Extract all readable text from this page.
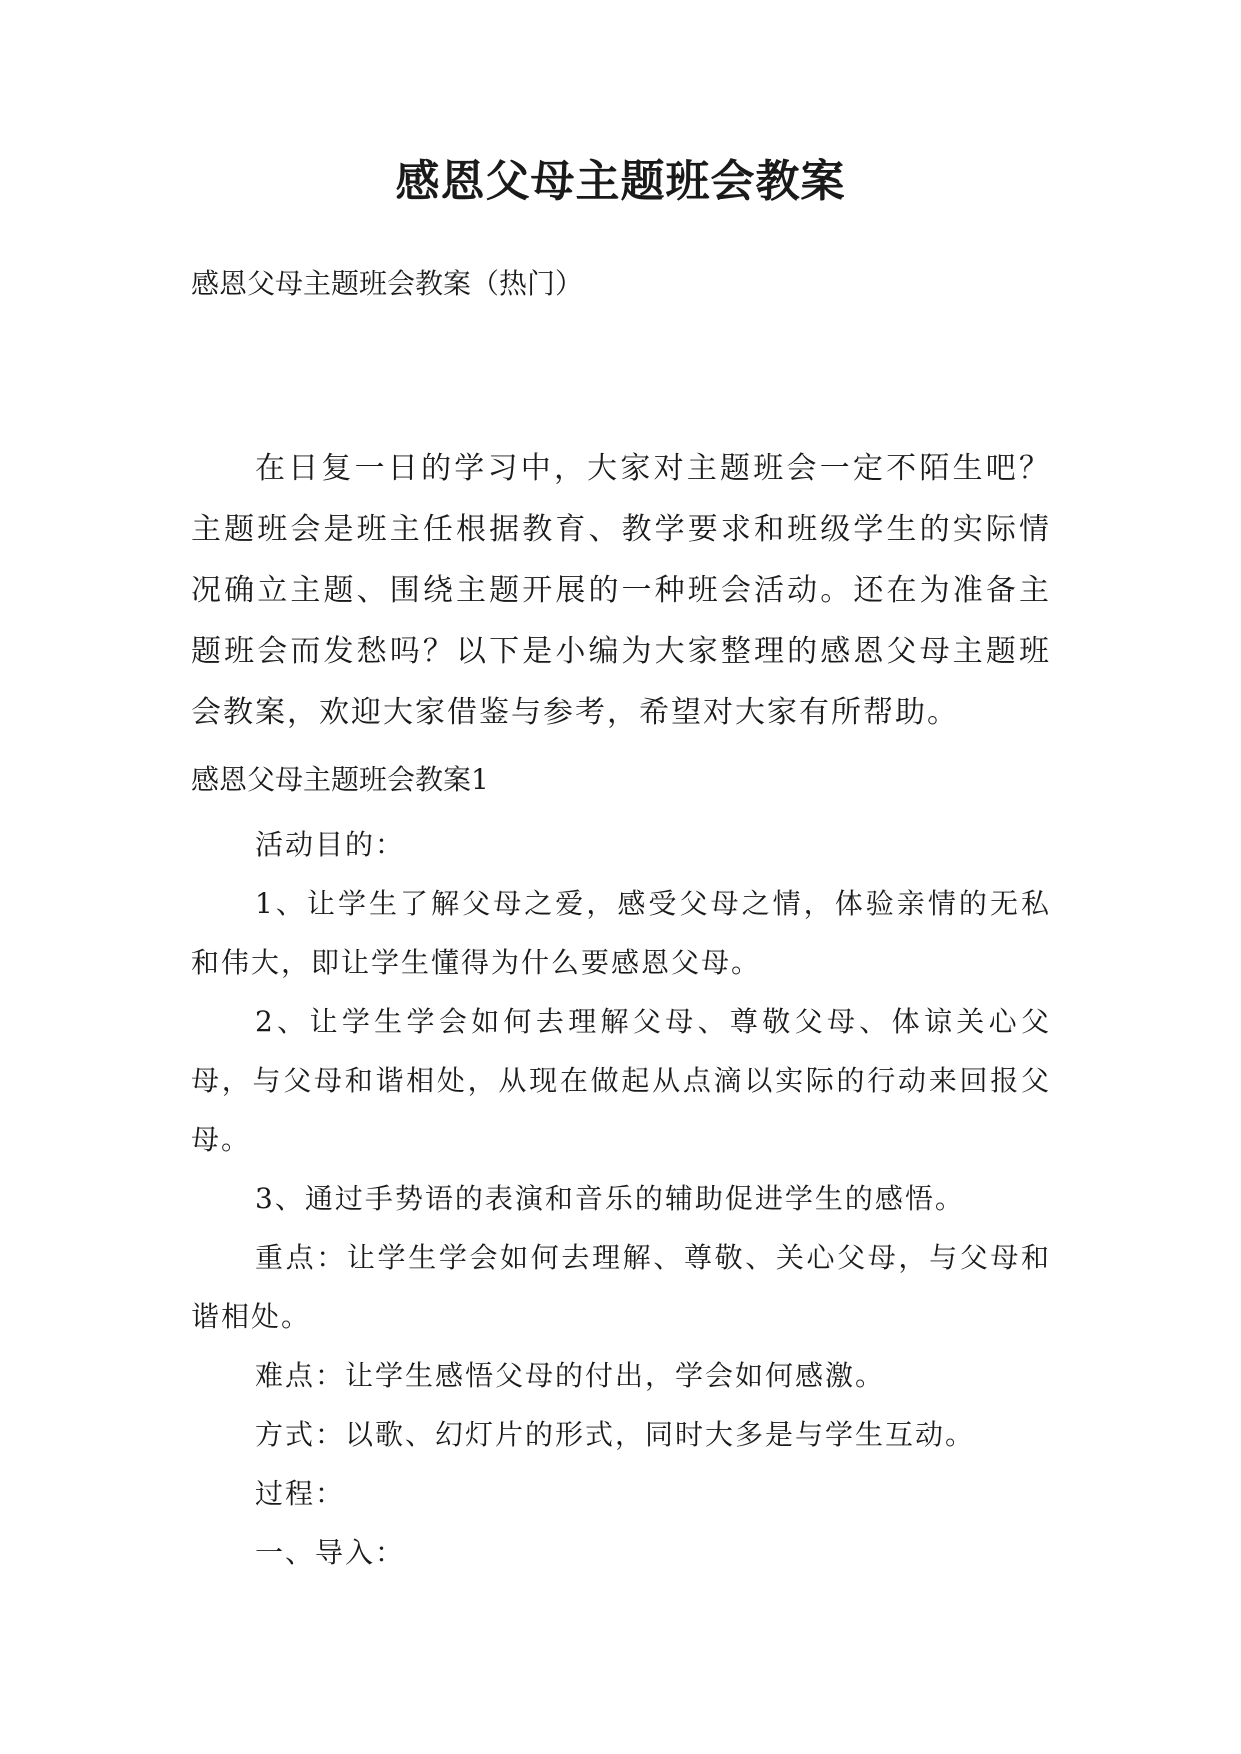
感恩父母主题班会教案
感恩父母主题班会教案（热门）

在日复一日的学习中，大家对主题班会一定不陌生吧？主题班会是班主任根据教育、教学要求和班级学生的实际情况确立主题、围绕主题开展的一种班会活动。还在为准备主题班会而发愁吗？以下是小编为大家整理的感恩父母主题班会教案，欢迎大家借鉴与参考，希望对大家有所帮助。

感恩父母主题班会教案1

活动目的：

1、让学生了解父母之爱，感受父母之情，体验亲情的无私和伟大，即让学生懂得为什么要感恩父母。

2、让学生学会如何去理解父母、尊敬父母、体谅关心父母，与父母和谐相处，从现在做起从点滴以实际的行动来回报父母。

3、通过手势语的表演和音乐的辅助促进学生的感悟。

重点：让学生学会如何去理解、尊敬、关心父母，与父母和谐相处。

难点：让学生感悟父母的付出，学会如何感激。

方式：以歌、幻灯片的形式，同时大多是与学生互动。

过程：

一、导入：
